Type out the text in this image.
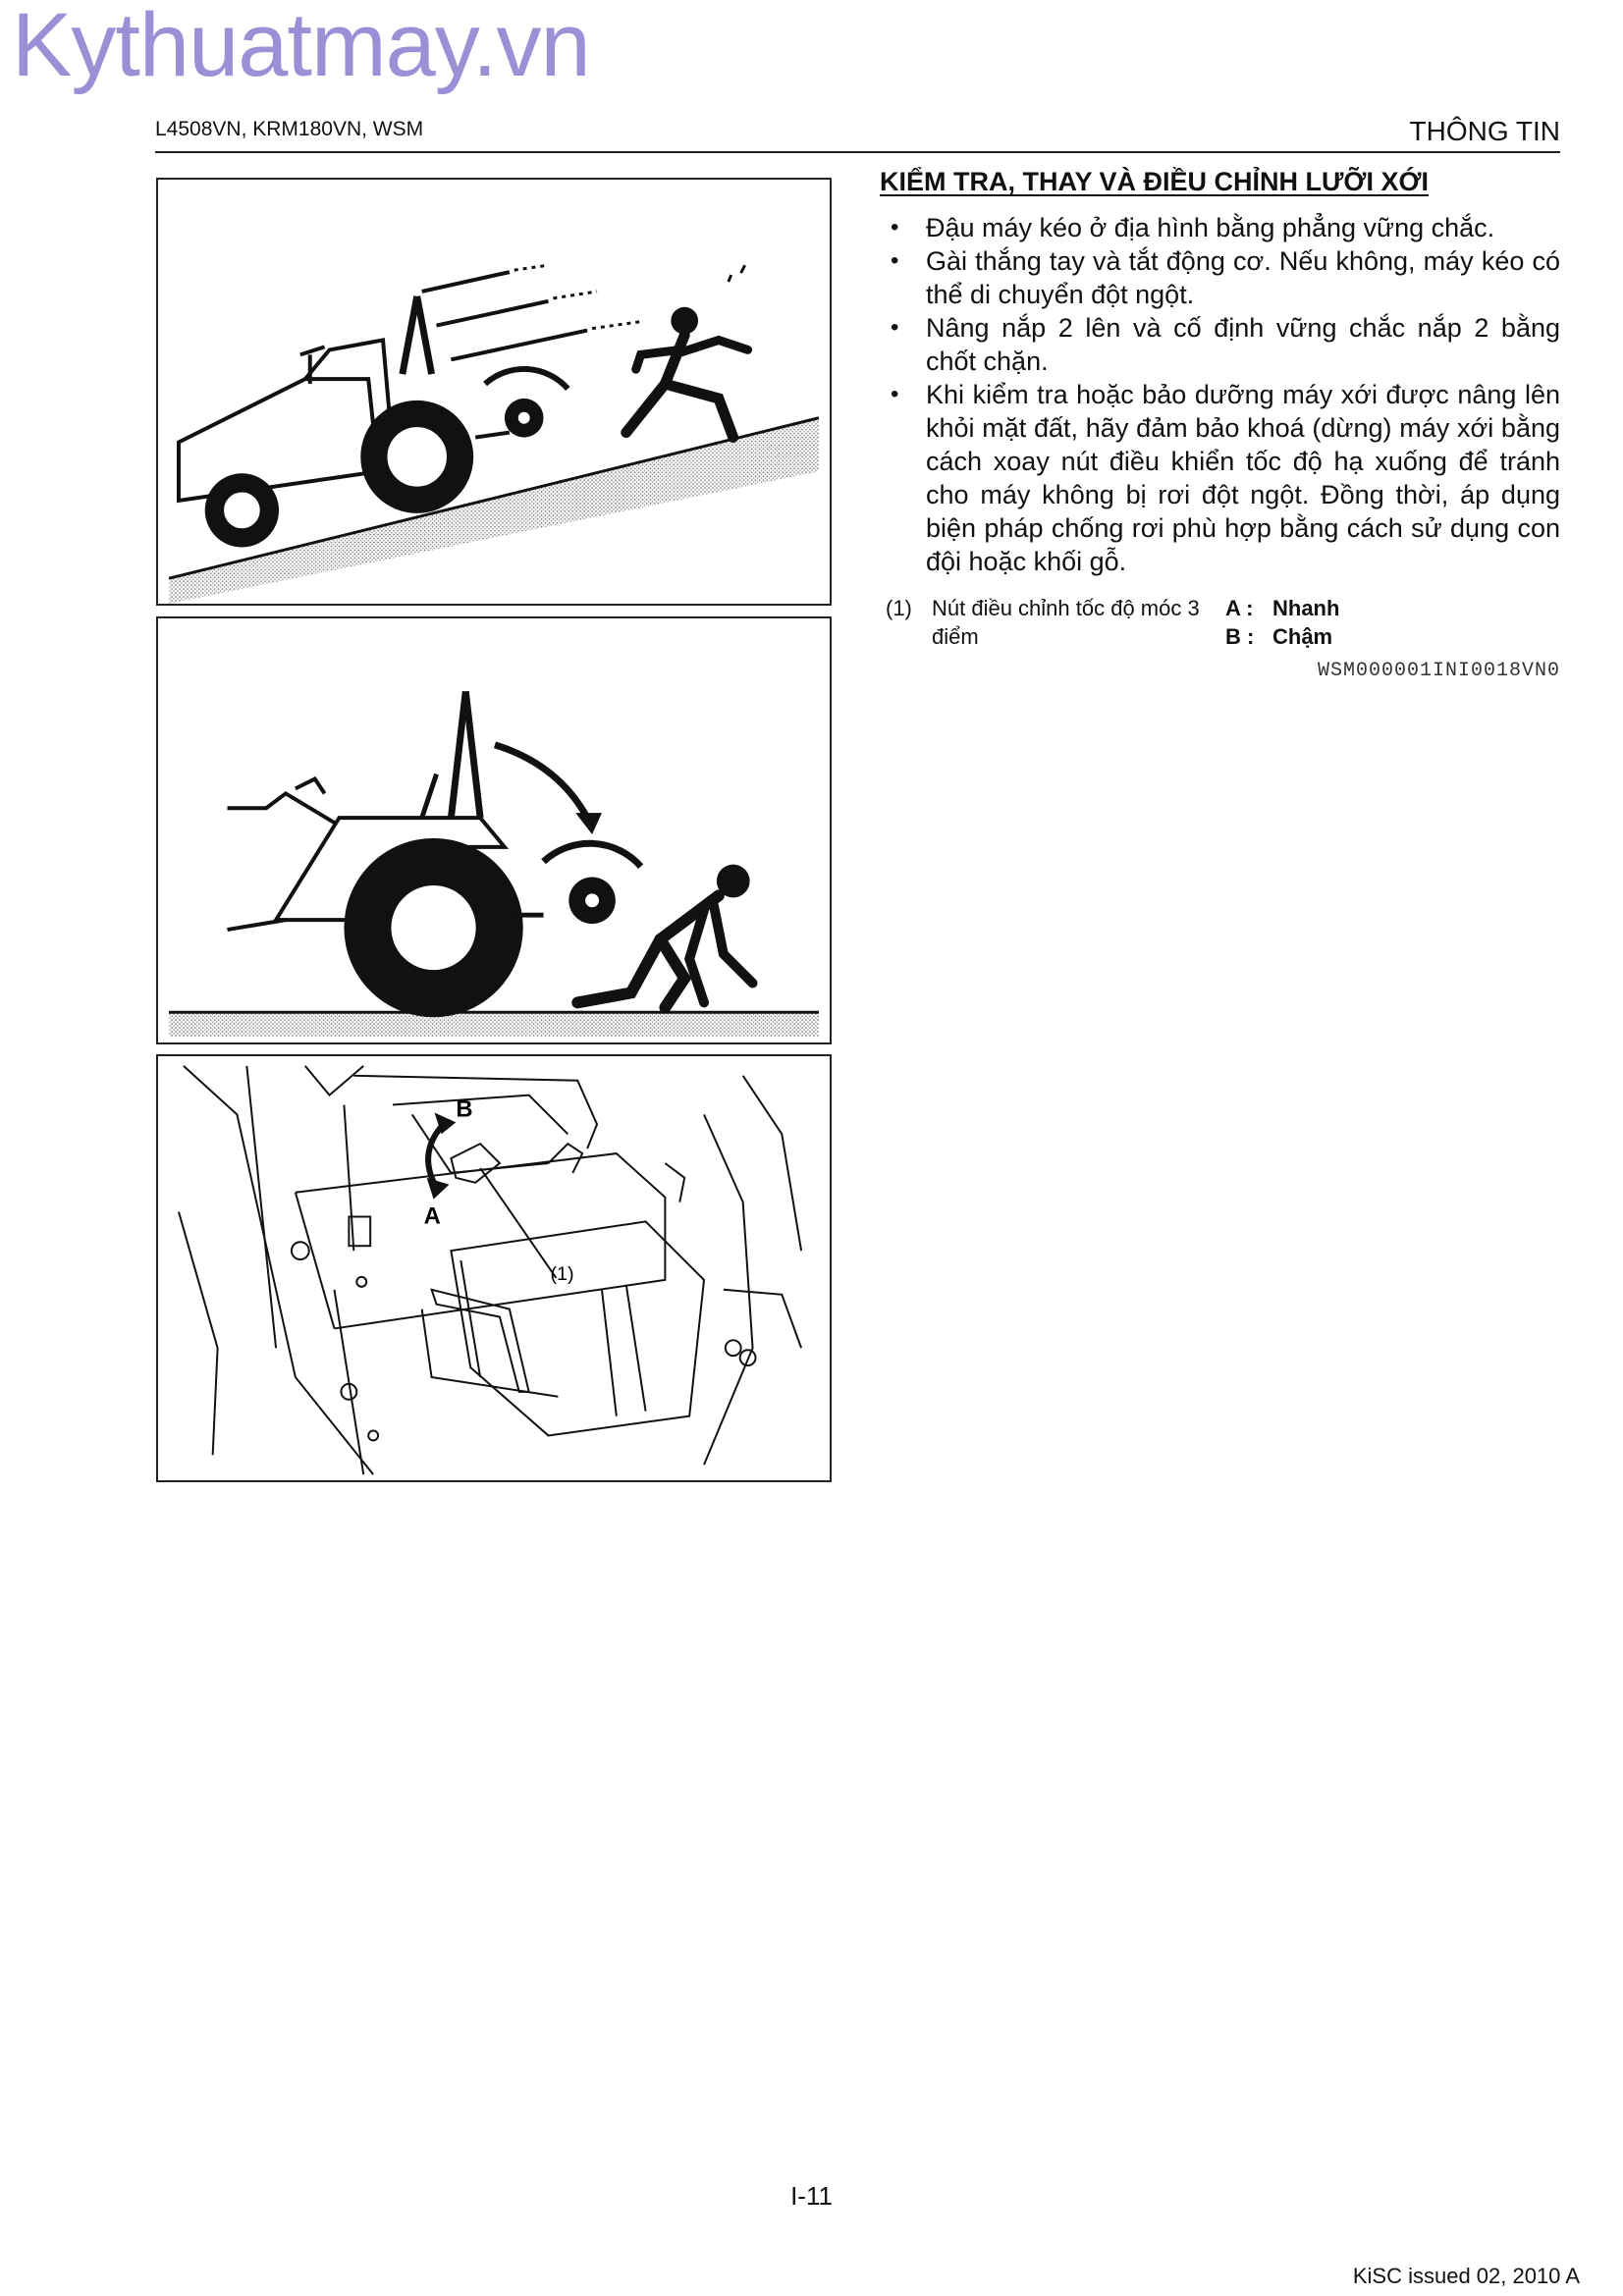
Kythuatmay.vn
L4508VN, KRM180VN, WSM	THÔNG TIN
B
A
(1)
KIỂM TRA, THAY VÀ ĐIỀU CHỈNH LƯỠI XỚI
• Đậu máy kéo ở địa hình bằng phẳng vững chắc.
• Gài thắng tay và tắt động cơ. Nếu không, máy kéo có thể di chuyển đột ngột.
• Nâng nắp 2 lên và cố định vững chắc nắp 2 bằng chốt chặn.
• Khi kiểm tra hoặc bảo dưỡng máy xới được nâng lên khỏi mặt đất, hãy đảm bảo khoá (dừng) máy xới bằng cách xoay nút điều khiển tốc độ hạ xuống để tránh cho máy không bị rơi đột ngột. Đồng thời, áp dụng biện pháp chống rơi phù hợp bằng cách sử dụng con đội hoặc khối gỗ.
(1) Nút điều chỉnh tốc độ móc 3 điểm
A : Nhanh
B : Chậm
WSM000001INI0018VN0
I-11
KiSC issued 02, 2010 A
